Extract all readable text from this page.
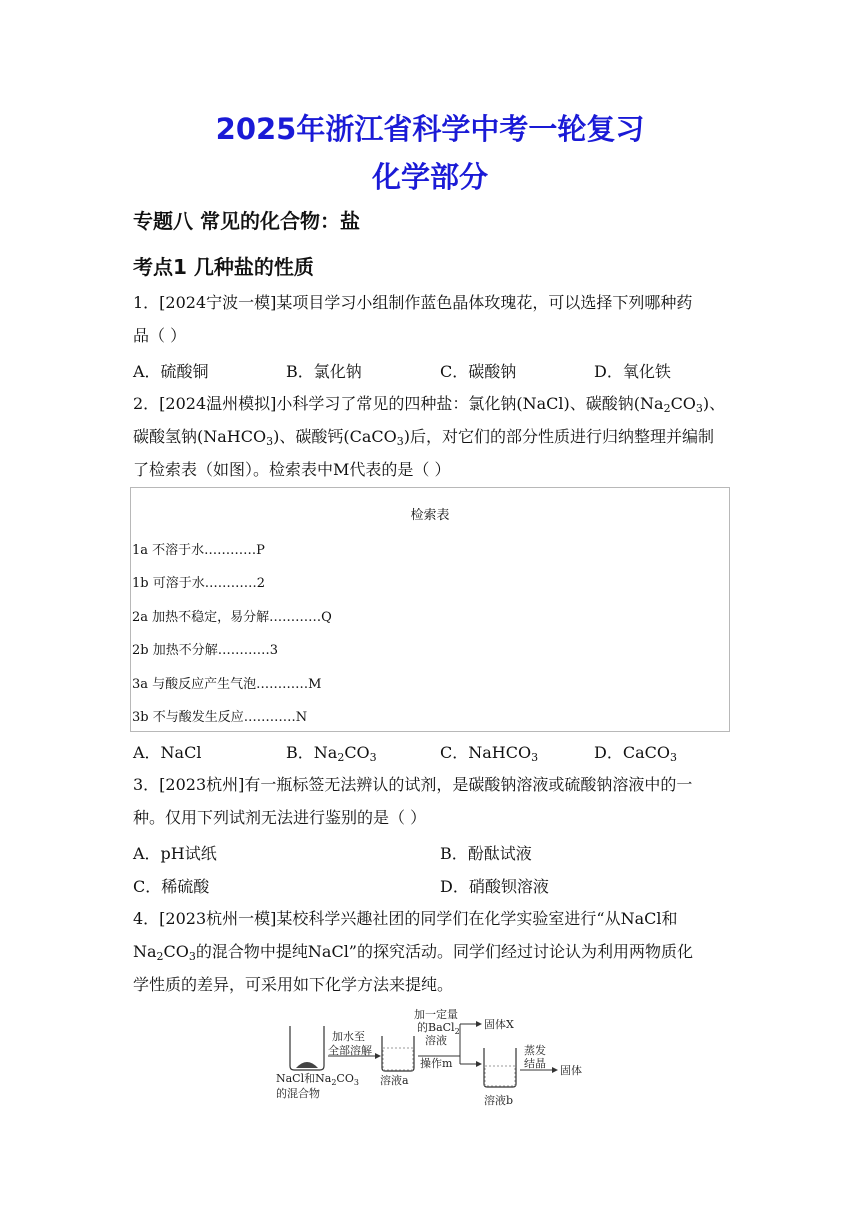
2025年浙江省科学中考一轮复习
化学部分
专题八 常见的化合物：盐
考点1 几种盐的性质
1．[2024宁波一模]某项目学习小组制作蓝色晶体玫瑰花，可以选择下列哪种药
品（ ）
A．硫酸铜	B．氯化钠	C．碳酸钠	D．氧化铁
2．[2024温州模拟]小科学习了常见的四种盐：氯化钠(NaCl)、碳酸钠$(Na_2CO_3)$、
碳酸氢钠(NaHCO$_3$)、碳酸钙(CaCO$_3$)后，对它们的部分性质进行归纳整理并编制
了检索表（如图）。检索表中M代表的是（ ）
检索表
1a 不溶于水…………P
1b 可溶于水…………2
2a 加热不稳定，易分解…………Q
2b 加热不分解…………3
3a 与酸反应产生气泡…………M
3b 不与酸发生反应…………N
A．NaCl	B．$Na_2CO_3$	C．NaHCO$_3$	D．CaCO$_3$
3．[2023杭州]有一瓶标签无法辨认的试剂，是碳酸钠溶液或硫酸钠溶液中的一
种。仅用下列试剂无法进行鉴别的是（ ）
A．pH试纸	B．酚酞试液
C．稀硫酸	D．硝酸钡溶液
4．[2023杭州一模]某校科学兴趣社团的同学们在化学实验室进行“从NaCl和
$Na_2CO_3$的混合物中提纯NaCl”的探究活动。同学们经过讨论认为利用两物质化
学性质的差异，可采用如下化学方法来提纯。
NaCl和$Na_2CO_3$
的混合物
加水至
全部溶解
溶液a
加一定量
的BaCl$_2$
溶液
操作m
固体X
蒸发
结晶
固体
溶液b
